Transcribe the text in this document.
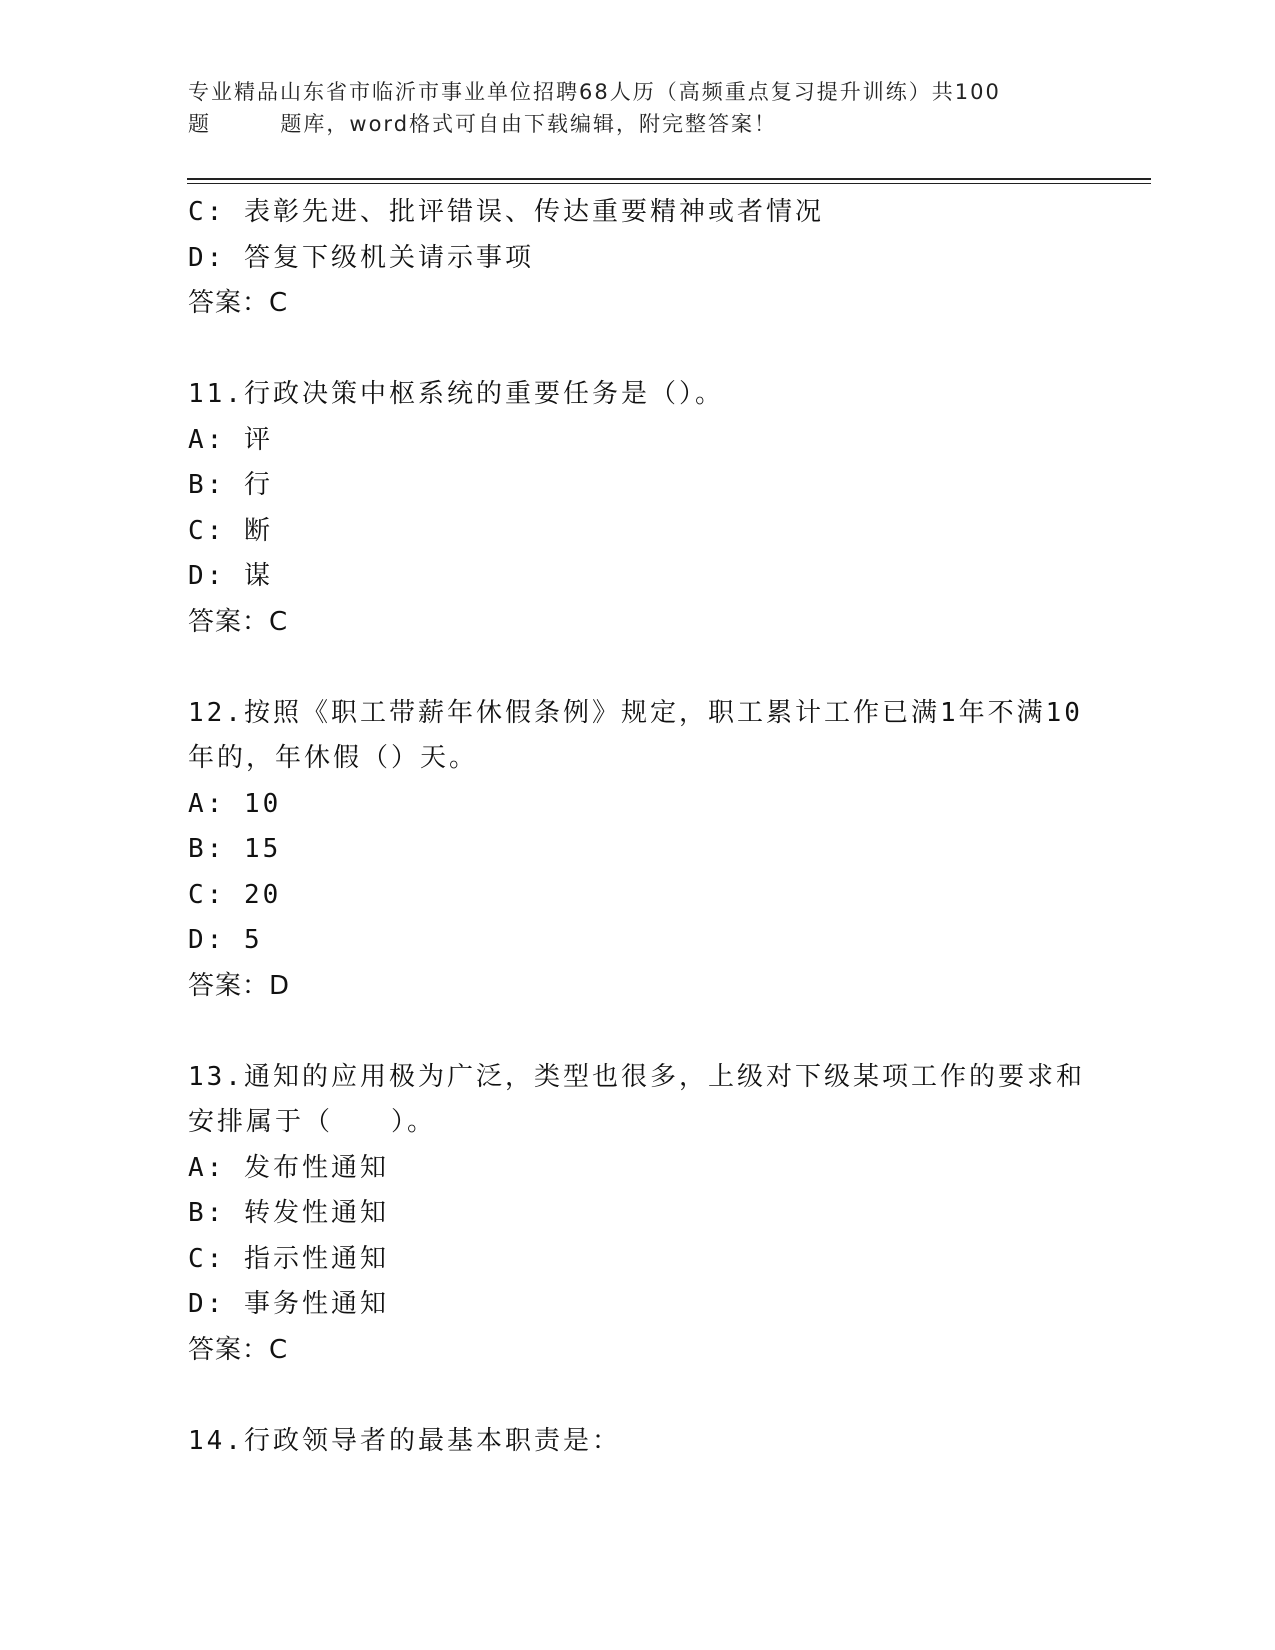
专业精品山东省市临沂市事业单位招聘68人历（高频重点复习提升训练）共100
题        题库，word格式可自由下载编辑，附完整答案！
C: 表彰先进、批评错误、传达重要精神或者情况
D: 答复下级机关请示事项
答案：C
11.行政决策中枢系统的重要任务是（）。
A: 评
B: 行
C: 断
D: 谋
答案：C
12.按照《职工带薪年休假条例》规定，职工累计工作已满1年不满10
年的，年休假（）天。
A: 10
B: 15
C: 20
D: 5
答案：D
13.通知的应用极为广泛，类型也很多，上级对下级某项工作的要求和
安排属于（　　）。
A: 发布性通知
B: 转发性通知
C: 指示性通知
D: 事务性通知
答案：C
14.行政领导者的最基本职责是：
